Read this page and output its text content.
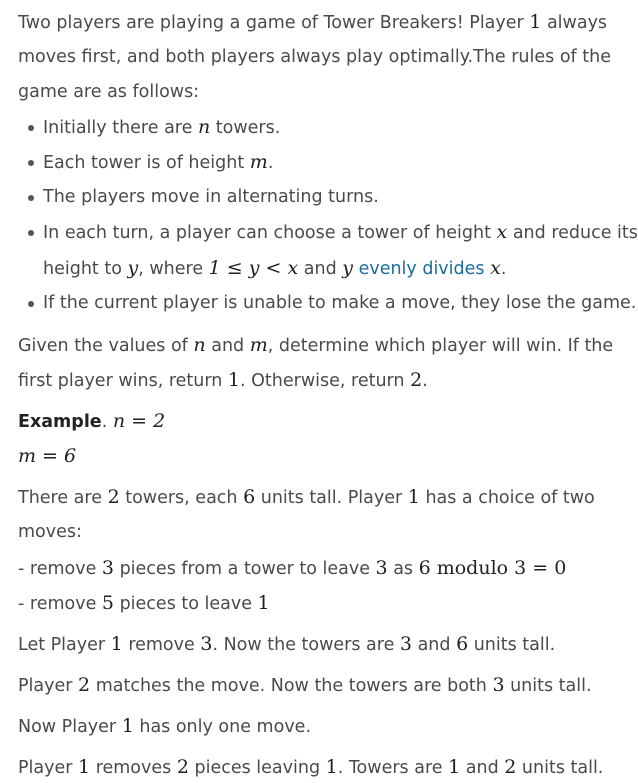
Two players are playing a game of Tower Breakers! Player 1 always
moves first, and both players always play optimally.The rules of the
game are as follows:
Initially there are n towers.
Each tower is of height m.
The players move in alternating turns.
In each turn, a player can choose a tower of height x and reduce its
height to y, where 1 ≤ y < x and y evenly divides x.
If the current player is unable to make a move, they lose the game.
Given the values of n and m, determine which player will win. If the
first player wins, return 1. Otherwise, return 2.
Example. n = 2
m = 6
There are 2 towers, each 6 units tall. Player 1 has a choice of two
moves:
- remove 3 pieces from a tower to leave 3 as 6 modulo 3 = 0
- remove 5 pieces to leave 1
Let Player 1 remove 3. Now the towers are 3 and 6 units tall.
Player 2 matches the move. Now the towers are both 3 units tall.
Now Player 1 has only one move.
Player 1 removes 2 pieces leaving 1. Towers are 1 and 2 units tall.
